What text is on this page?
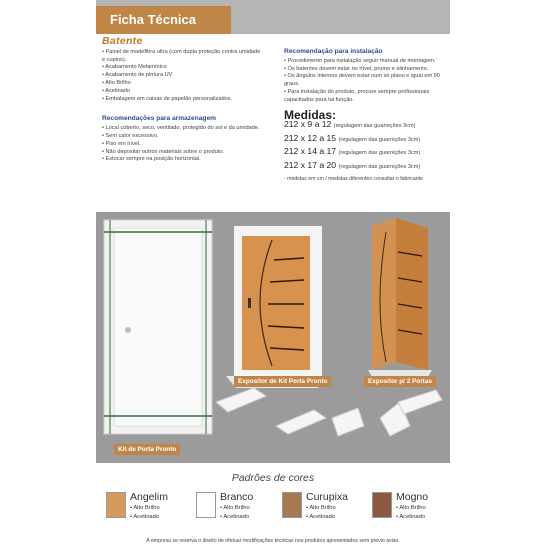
Ficha Técnica
Batente
• Painel de madefibra ultra (com dupla proteção contra umidade e cupins).
• Acabamento Melamínico
• Acabamento de pintura UV
• Alto Brilho
• Acetinado
• Embalagem em caixas de papelão personalizados.
Recomendações para armazenagem
• Local coberto, seco, ventilado, protegido do sol e da umidade.
• Sem calor excessivo.
• Piso em nível.
• Não depositar outros materiais sobre o produto.
• Estocar sempre na posição horizontal.
Recomendação para instalação
• Procedimento para instalação seguir manual de montagem.
• Os batentes devem estar no nível, prumo e alinhamento.
• Os ângulos internos devem estar num só plano e igual em 90 graus.
• Para instalação do produto, procure sempre profissionais capacitados para tal função.
Medidas:
212 x 9 a 12 (regulagem das guarnições 3cm)
212 x 12 a 15 (regulagem das guarnições 3cm)
212 x 14 a 17 (regulagem das guarnições 3cm)
212 x 17 a 20 (regulagem das guarnições 3cm)
- medidas em cm / medidas diferentes consultar o fabricante
Expositor de Kit Porta Pronto	Expositor p/ 2 Portas
Kit de Porta Pronto
Padrões de cores
Angelim
• Alto Brilho
• Acetinado
Branco
• Alto Brilho
• Acetinado
Curupixa
• Alto Brilho
• Acetinado
Mogno
• Alto Brilho
• Acetinado
A empresa se reserva o direito de efetuar modificações técnicas nos produtos apresentados sem prévio aviso.
